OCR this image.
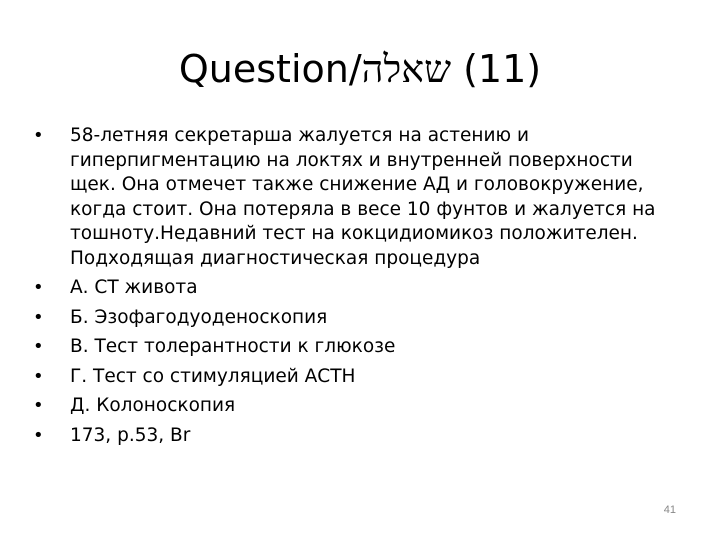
Question/שאלה (11)
• 58-летняя секретарша жалуется на астению и гиперпигментацию на локтях и внутренней поверхности щек. Она отмечет также снижение АД и головокружение, когда стоит. Она потеряла в весе 10 фунтов и жалуется на тошноту.Недавний тест на кокцидиомикоз положителен. Подходящая диагностическая процедура
• А. СТ живота
• Б. Эзофагодуоденоскопия
• В. Тест толерантности к глюкозе
• Г. Тест со стимуляцией АСТН
• Д. Колоноскопия
• 173, p.53, Br
41
